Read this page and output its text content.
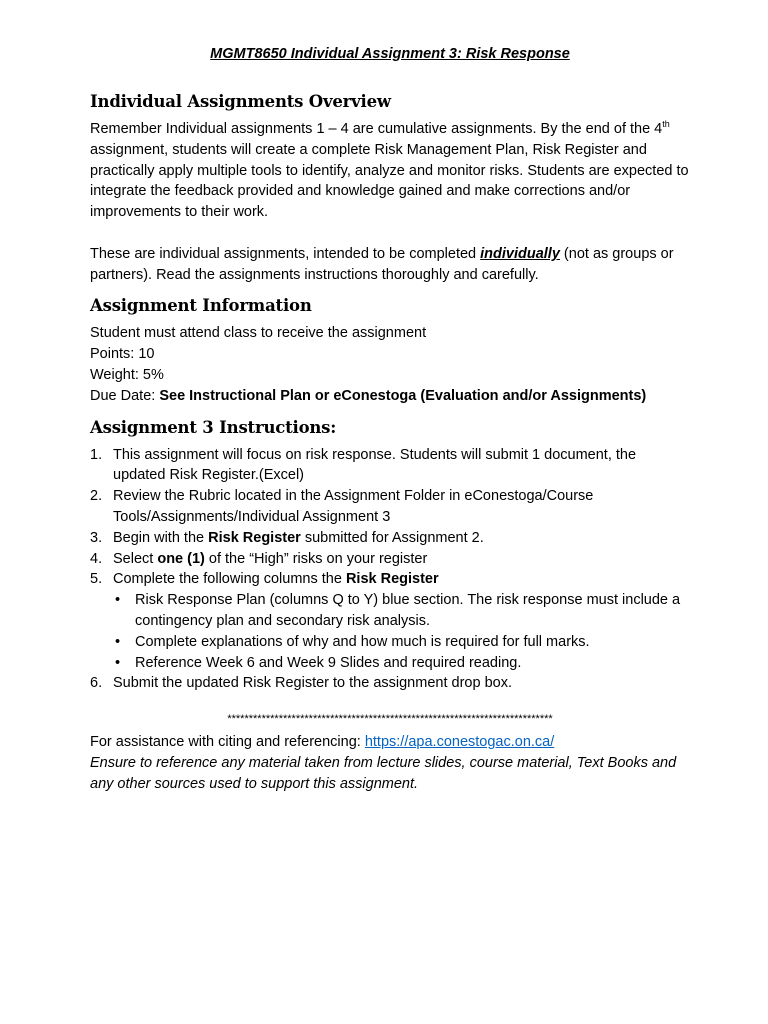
MGMT8650 Individual Assignment 3: Risk Response
Individual Assignments Overview

Remember Individual assignments 1 – 4 are cumulative assignments. By the end of the 4th assignment, students will create a complete Risk Management Plan, Risk Register and practically apply multiple tools to identify, analyze and monitor risks. Students are expected to integrate the feedback provided and knowledge gained and make corrections and/or improvements to their work.

These are individual assignments, intended to be completed individually (not as groups or partners). Read the assignments instructions thoroughly and carefully.

Assignment Information

Student must attend class to receive the assignment

Points: 10

Weight: 5%

Due Date: See Instructional Plan or eConestoga (Evaluation and/or Assignments)

Assignment 3 Instructions:
1. This assignment will focus on risk response. Students will submit 1 document, the updated Risk Register.(Excel)
2. Review the Rubric located in the Assignment Folder in eConestoga/Course Tools/Assignments/Individual Assignment 3
3. Begin with the Risk Register submitted for Assignment 2.
4. Select one (1) of the “High” risks on your register
5. Complete the following columns the Risk Register
• Risk Response Plan (columns Q to Y) blue section. The risk response must include a contingency plan and secondary risk analysis.
• Complete explanations of why and how much is required for full marks.
• Reference Week 6 and Week 9 Slides and required reading.
6. Submit the updated Risk Register to the assignment drop box.
****************************************************************************

For assistance with citing and referencing: https://apa.conestogac.on.ca/

Ensure to reference any material taken from lecture slides, course material, Text Books and any other sources used to support this assignment.
